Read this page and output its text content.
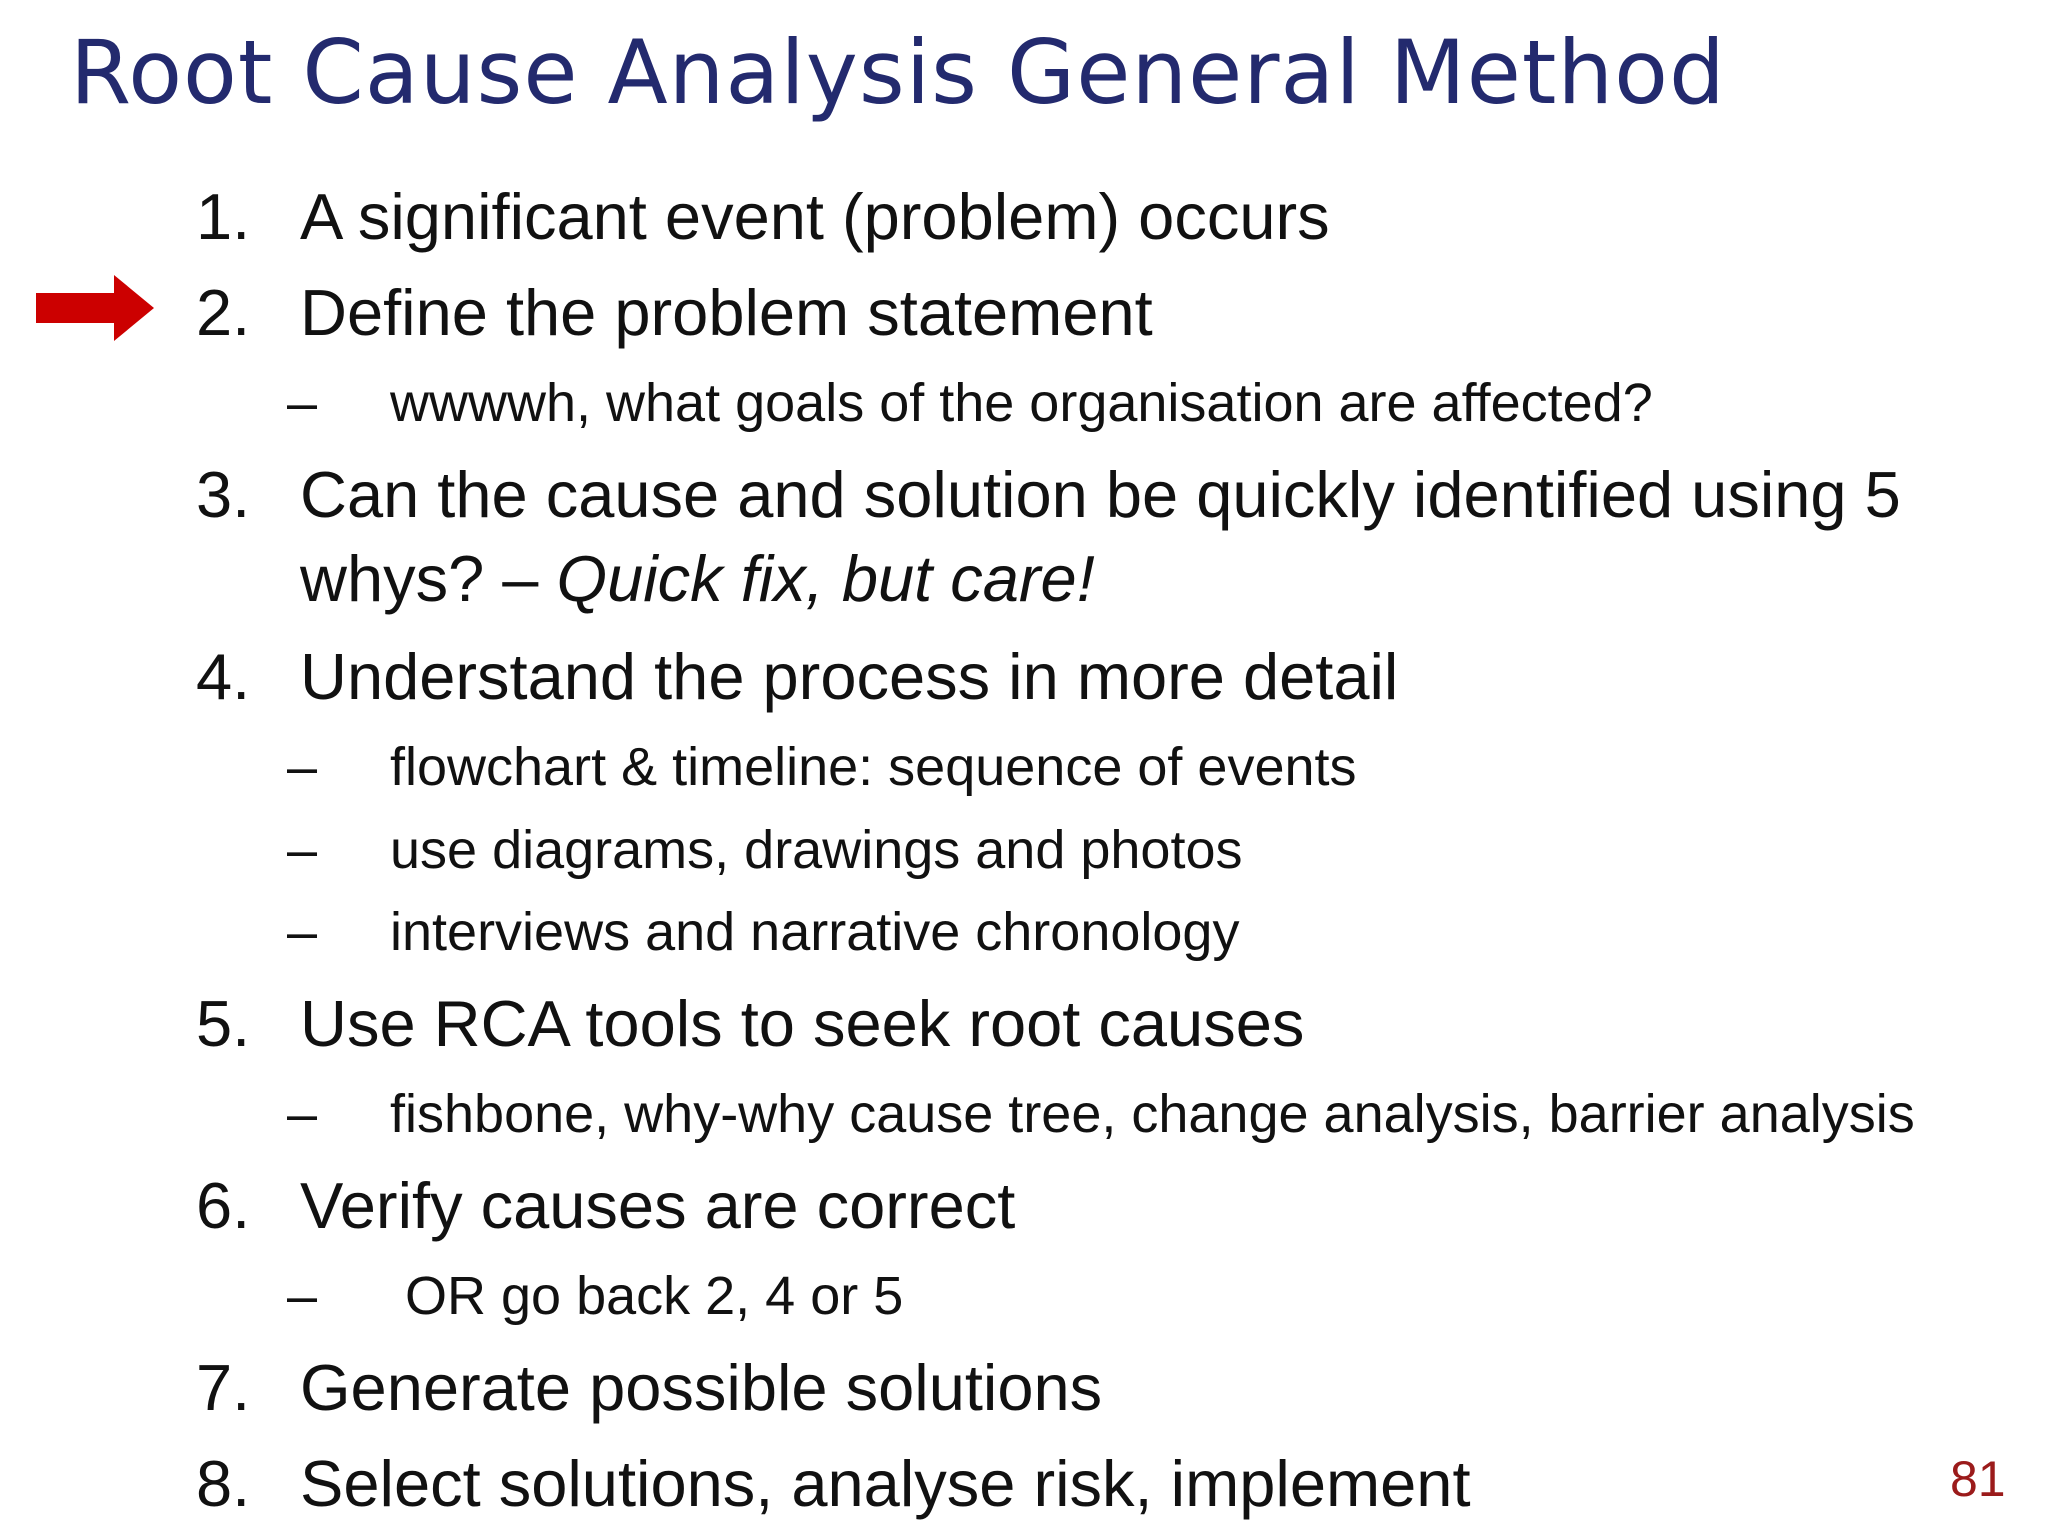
Root Cause Analysis General Method
1. A significant event (problem) occurs
2. Define the problem statement
– wwwwh, what goals of the organisation are affected?
3. Can the cause and solution be quickly identified using 5
whys? – Quick fix, but care!
4. Understand the process in more detail
– flowchart & timeline: sequence of events
– use diagrams, drawings and photos
– interviews and narrative chronology
5. Use RCA tools to seek root causes
– fishbone, why-why cause tree, change analysis, barrier analysis
6. Verify causes are correct
– OR go back 2, 4 or 5
7. Generate possible solutions
8. Select solutions, analyse risk, implement	81
